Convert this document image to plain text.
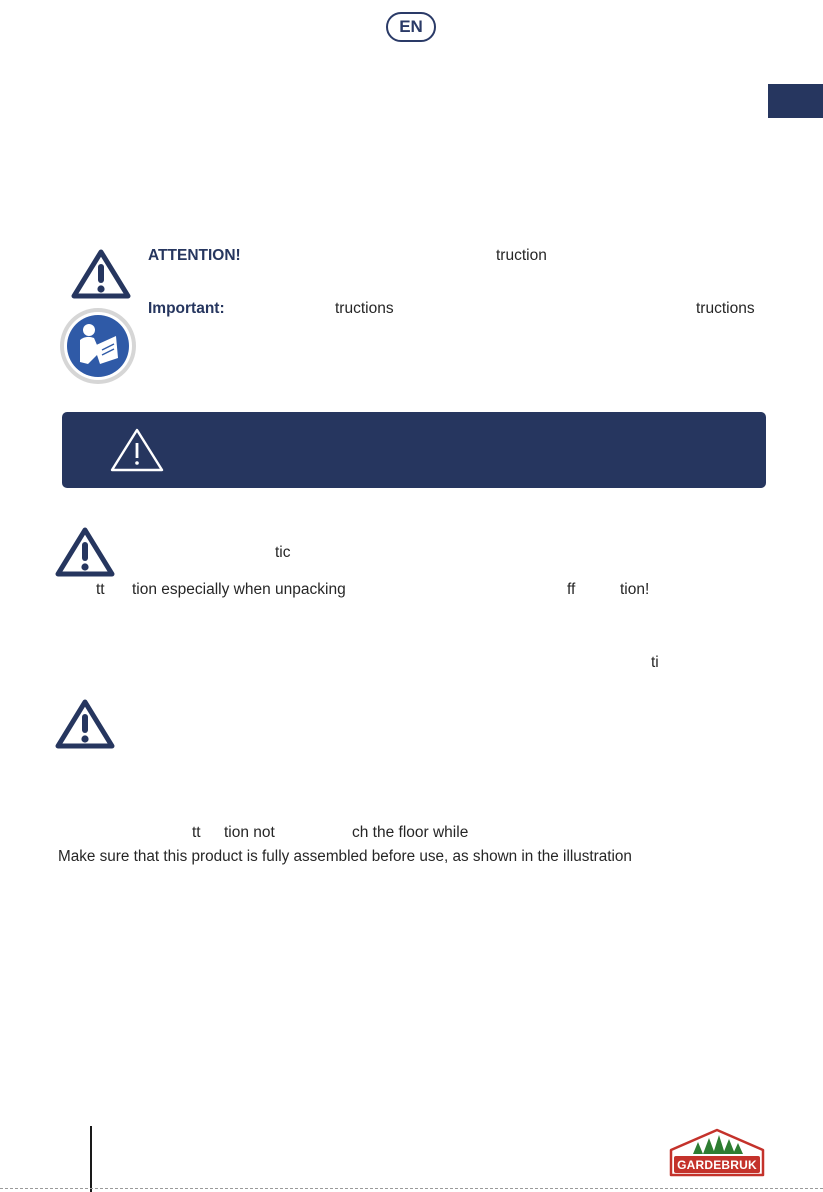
EN
ATTENTION!	truction
Important:	tructions	tructions
tic
tt tion especially when unpacking	ff	tion!
ti
tt tion not	ch the floor while
Make sure that this product is fully assembled before use, as shown in the illustration
GARDEBRUK
